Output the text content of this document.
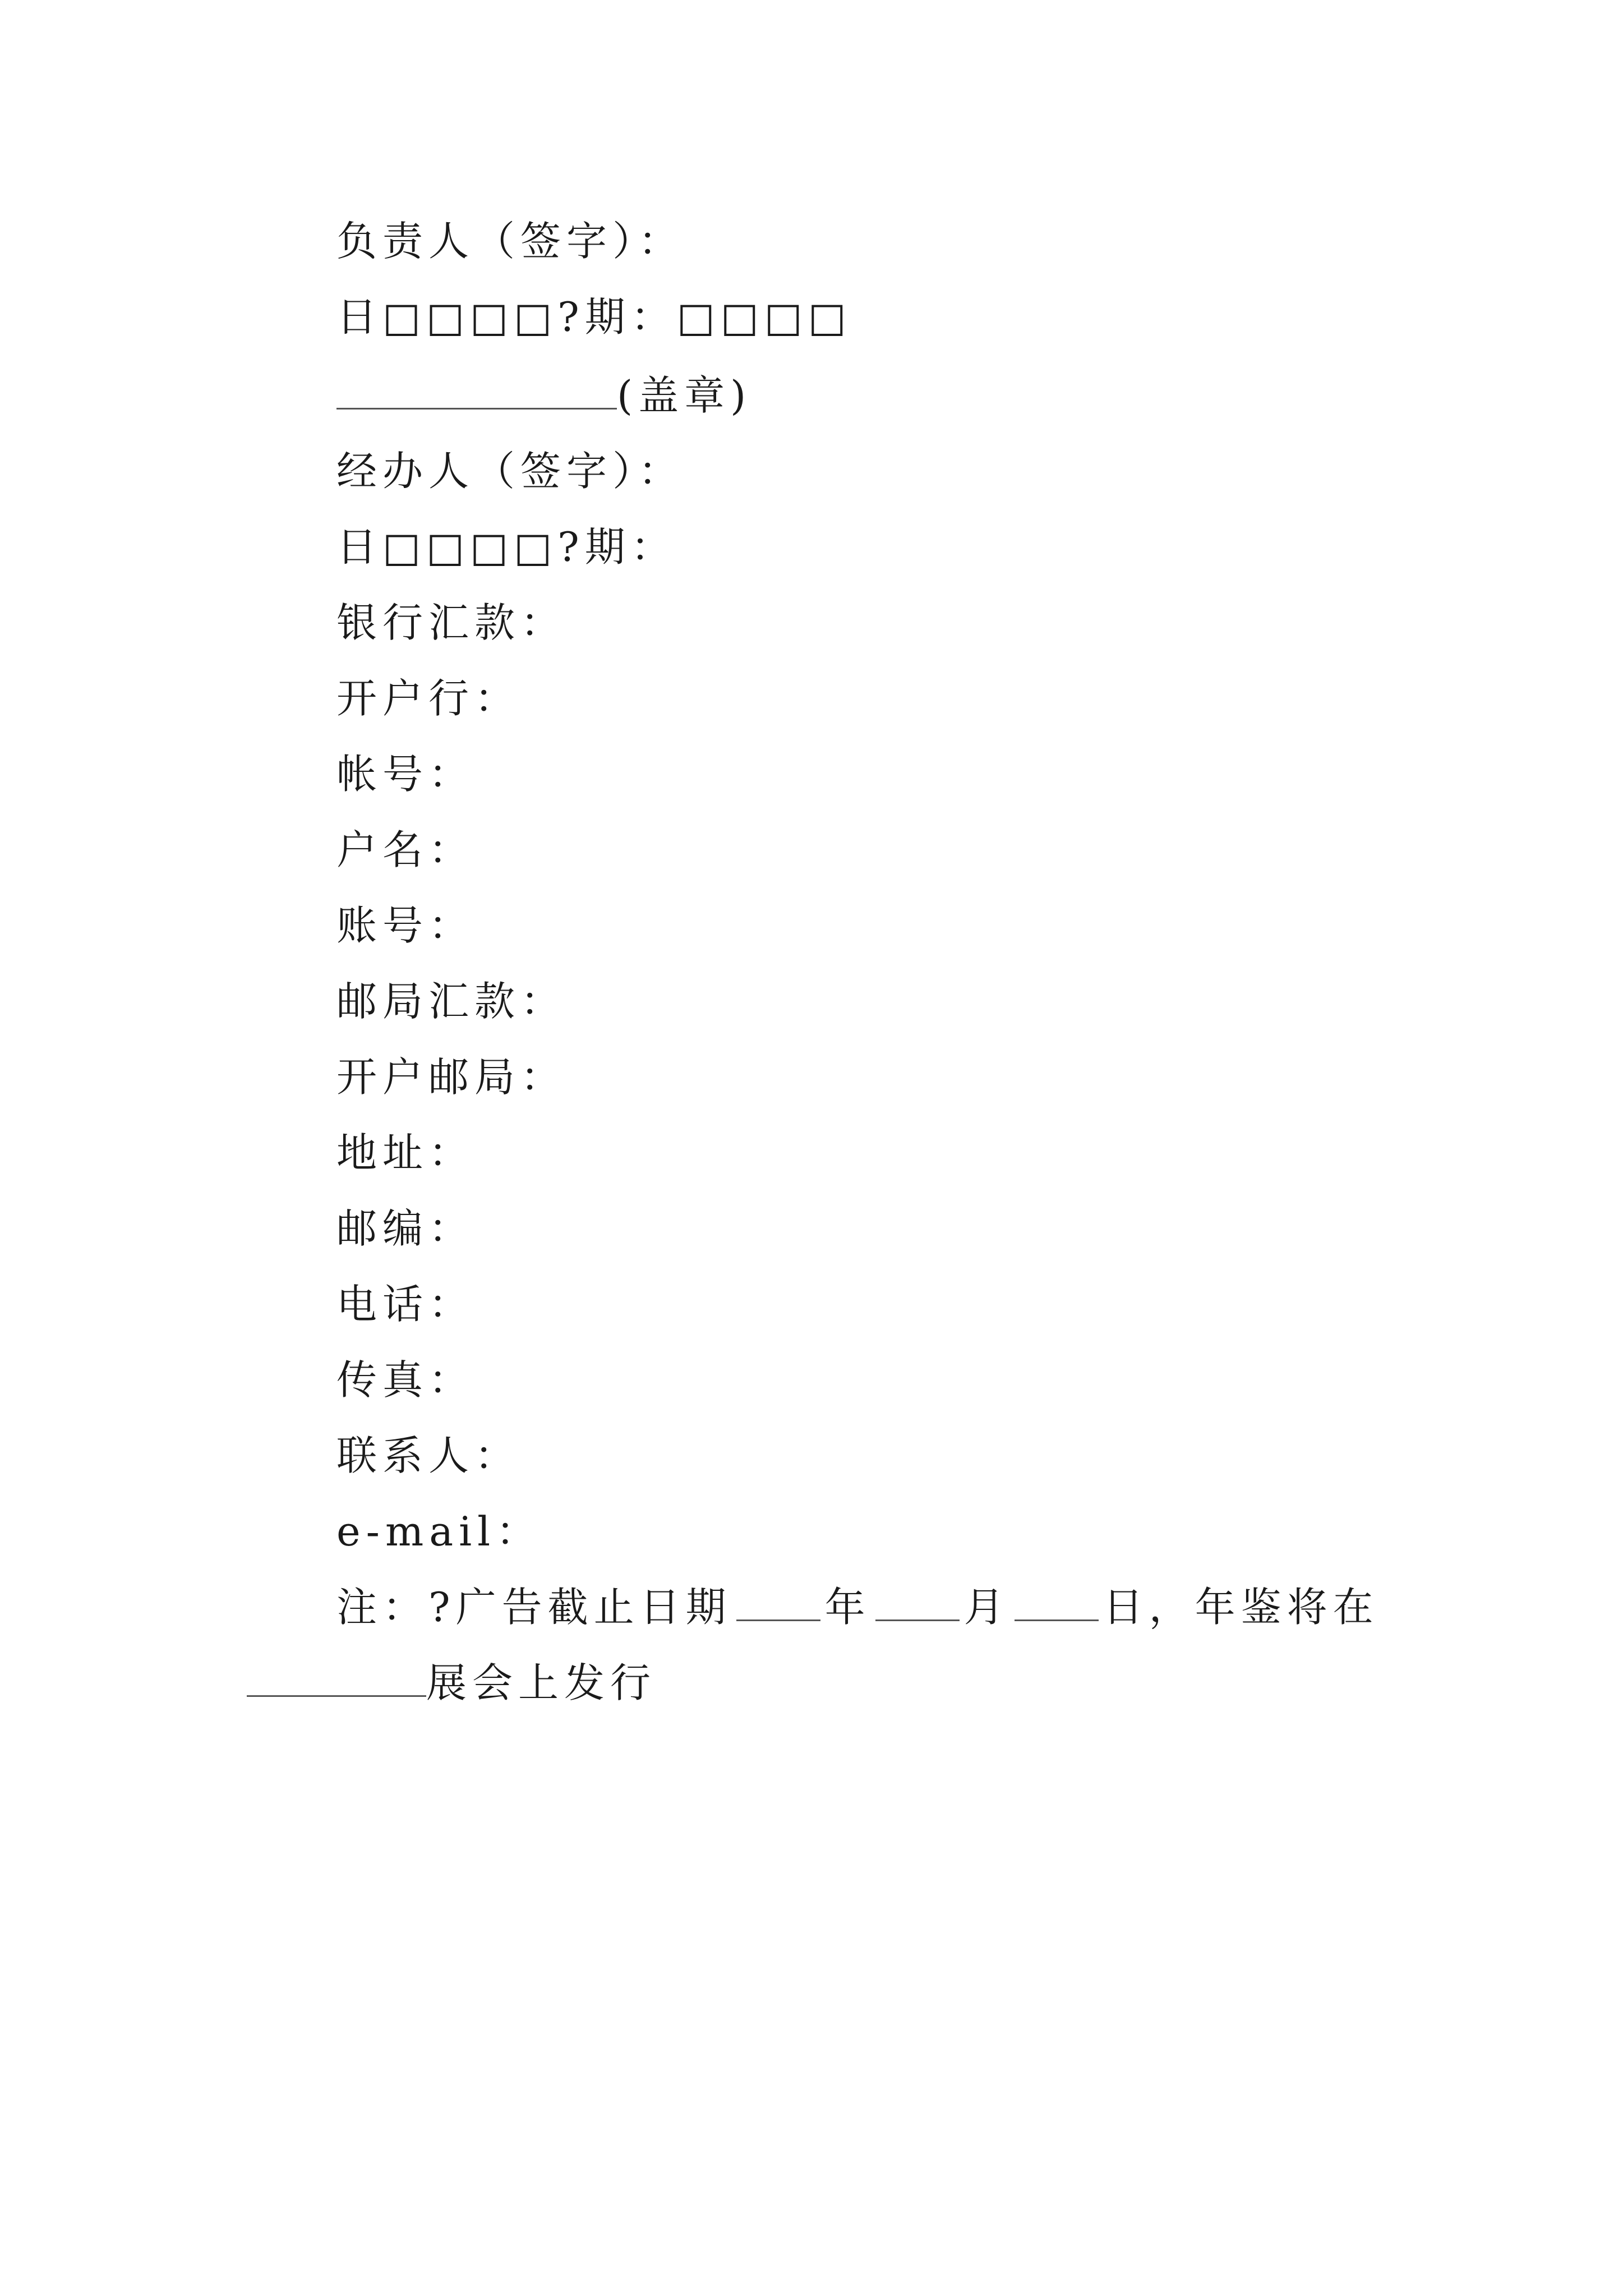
负责人（签字）：
日□□□□?期：□□□□
(盖章)
经办人（签字）：
日□□□□?期：
银行汇款：
开户行：
帐号：
户名：
账号：
邮局汇款：
开户邮局：
地址：
邮编：
电话：
传真：
联系人：
e-mail：
注：?广告截止日期 年 月 日，年鉴将在
展会上发行
